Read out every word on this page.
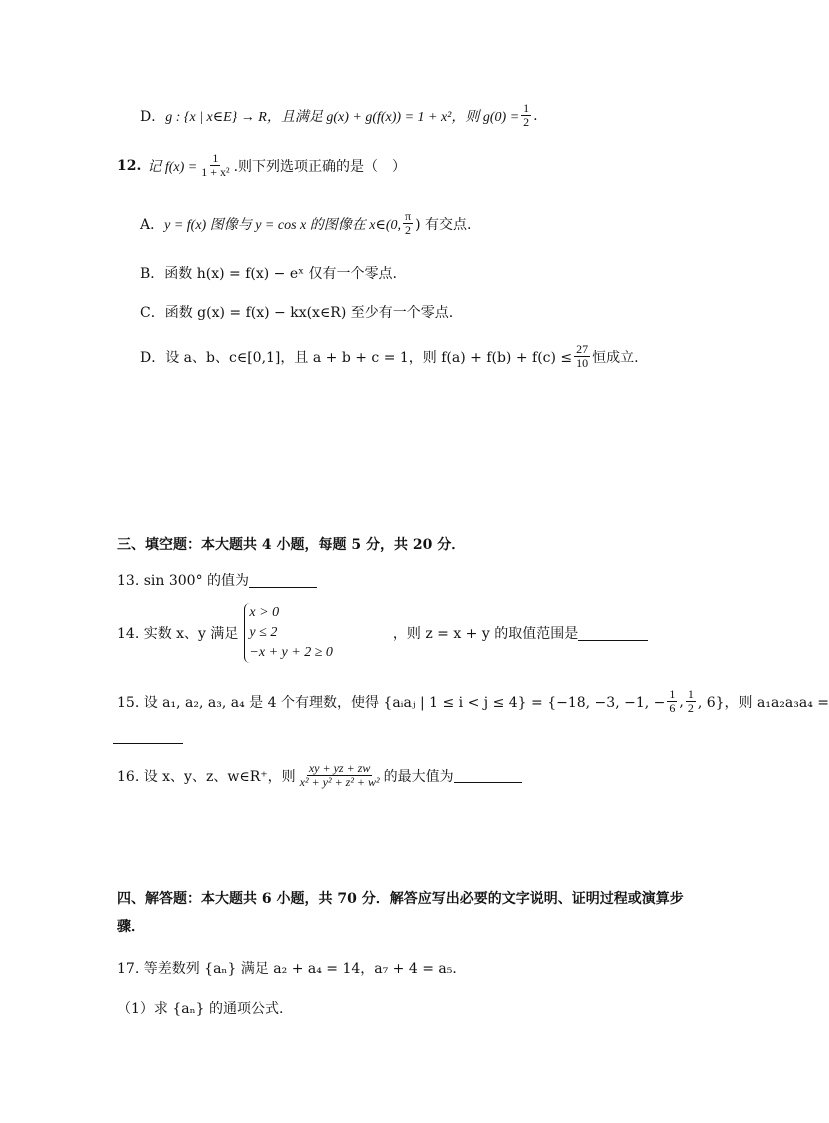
D． g : {x | x∈E} → R，且满足 g(x) + g(f(x)) = 1 + x²，则 $g(0) = \frac{1}{2}$ .
12. 记 $f(x) = \frac{1}{\text{1 + x²}}$ .则下列选项正确的是（　）
A． y = f(x) 图像与 y = cos x 的图像在 x∈(0, $\frac{\pi}{2}$ ) 有交点.
B． 函数 h(x) = f(x) − eˣ 仅有一个零点.
C． 函数 g(x) = f(x) − kx(x∈R) 至少有一个零点.
D． 设 a、b、c∈[0,1]，且 a + b + c = 1，则 $f(a) + f(b) + f(c) \le \frac{27}{10}$ 恒成立.
三、填空题：本大题共 4 小题，每题 5 分，共 20 分．
13. sin 300° 的值为
14. 实数 x、y 满足
x > 0
y ≤ 2
−x + y + 2 ≥ 0
，则 z = x + y 的取值范围是
15. 设 a₁, a₂, a₃, a₄ 是 4 个有理数，使得 {aᵢaⱼ | 1 ≤ i < j ≤ 4} = {−18, −3, −1, − $\frac{1}{6}$ , $\frac{1}{2}$ , 6}，则 a₁a₂a₃a₄ =
16. 设 x、y、z、w∈R⁺，则 $\frac{xy + yz + zw}{\text{x² + y² + z² + w²}}$ 的最大值为
四、解答题：本大题共 6 小题，共 70 分．解答应写出必要的文字说明、证明过程或演算步
骤．
17. 等差数列 {aₙ} 满足 a₂ + a₄ = 14，a₇ + 4 = a₅．
（1）求 {aₙ} 的通项公式.
